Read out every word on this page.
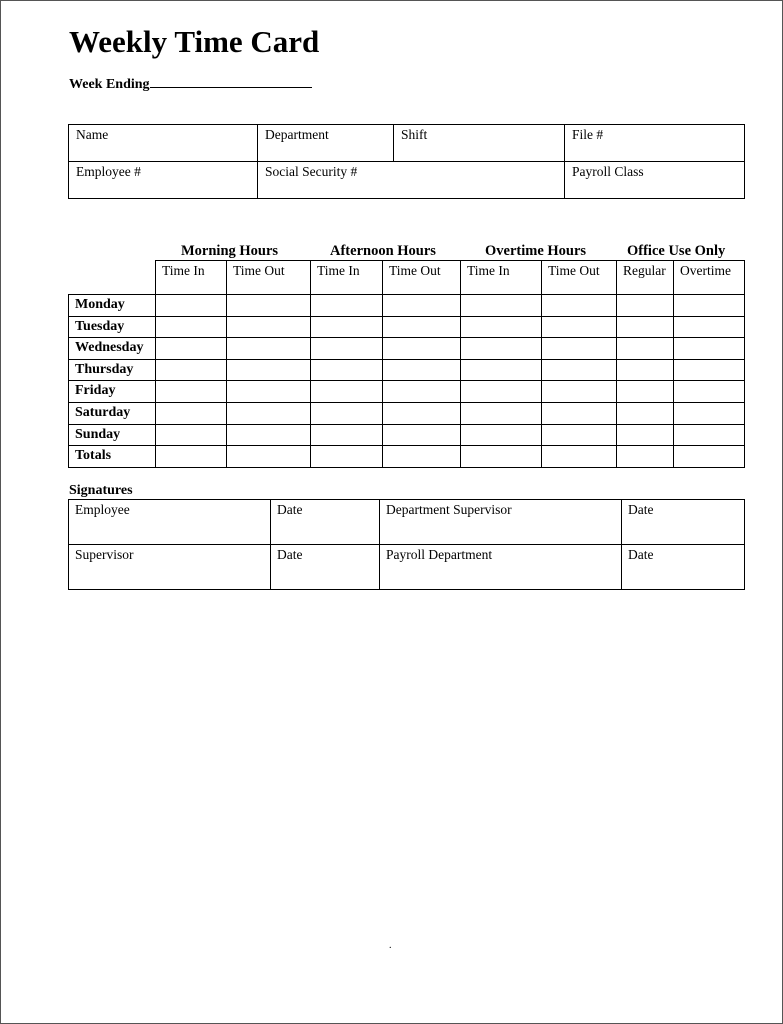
Weekly Time Card
Week Ending
Name	Department	Shift	File #
Employee #	Social Security #		Payroll Class
Morning Hours	Afternoon Hours	Overtime Hours	Office Use Only
	Time In	Time Out	Time In	Time Out	Time In	Time Out	Regular	Overtime
Monday								
Tuesday								
Wednesday								
Thursday								
Friday								
Saturday								
Sunday								
Totals								
Signatures
Employee	Date	Department Supervisor	Date
Supervisor	Date	Payroll Department	Date
.
